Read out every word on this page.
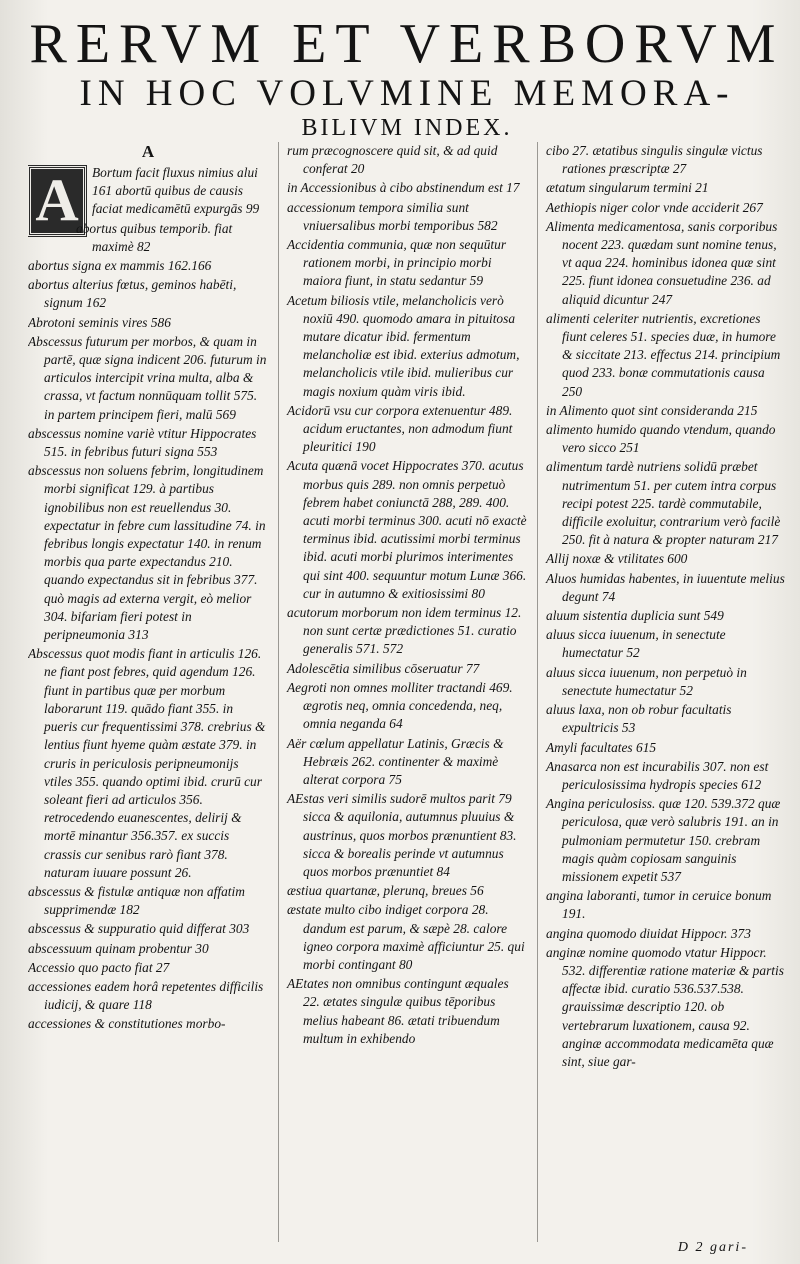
RERVM ET VERBORVM
IN HOC VOLVMINE MEMORA-
BILIVM INDEX.

A

A Bortum facit fluxus nimius alui 161 abortū quibus de causis faciat medicamētū expurgās 99

abortus quibus temporib. fiat maximè 82

abortus signa ex mammis 162.166

abortus alterius fœtus, geminos habēti, signum 162

Abrotoni seminis vires 586

Abscessus futurum per morbos, & quam in partē, quæ signa indicent 206. futurum in articulos intercipit vrina multa, alba & crassa, vt factum nonnūquam tollit 575. in partem principem fieri, malū 569

abscessus nomine variè vtitur Hippocrates 515. in febribus futuri signa 553

abscessus non soluens febrim, longitudinem morbi significat 129. à partibus ignobilibus non est reuellendus 30. expectatur in febre cum lassitudine 74. in febribus longis expectatur 140. in renum morbis qua parte expectandus 210. quando expectandus sit in febribus 377. quò magis ad externa vergit, eò melior 304. bifariam fieri potest in peripneumonia 313

Abscessus quot modis fiant in articulis 126. ne fiant post febres, quid agendum 126. fiunt in partibus quæ per morbum laborarunt 119. quādo fiant 355. in pueris cur frequentissimi 378. crebrius & lentius fiunt hyeme quàm æstate 379. in cruris in periculosis peripneumonijs vtiles 355. quando optimi ibid. crurū cur soleant fieri ad articulos 356. retrocedendo euanescentes, delirij & mortē minantur 356.357. ex succis crassis cur senibus rarò fiant 378. naturam iuuare possunt 26.

abscessus & fistulæ antiquæ non affatim supprimendæ 182

abscessus & suppuratio quid differat 303

abscessuum quinam probentur 30

Accessio quo pacto fiat 27

accessiones eadem horâ repetentes difficilis iudicij, & quare 118

accessiones & constitutiones morbo-

rum præcognoscere quid sit, & ad quid conferat 20

in Accessionibus à cibo abstinendum est 17

accessionum tempora similia sunt vniuersalibus morbi temporibus 582

Accidentia communia, quæ non sequūtur rationem morbi, in principio morbi maiora fiunt, in statu sedantur 59

Acetum biliosis vtile, melancholicis verò noxiū 490. quomodo amara in pituitosa mutare dicatur ibid. fermentum melancholiæ est ibid. exterius admotum, melancholicis vtile ibid. mulieribus cur magis noxium quàm viris ibid.

Acidorū vsu cur corpora extenuentur 489. acidum eructantes, non admodum fiunt pleuritici 190

Acuta quænā vocet Hippocrates 370. acutus morbus quis 289. non omnis perpetuò febrem habet coniunctā 288, 289. 400. acuti morbi terminus 300. acuti nō exactè terminus ibid. acutissimi morbi terminus ibid. acuti morbi plurimos interimentes qui sint 400. sequuntur motum Lunæ 366. cur in autumno & exitiosissimi 80

acutorum morborum non idem terminus 12. non sunt certæ prædictiones 51. curatio generalis 571. 572

Adolescētia similibus cōseruatur 77

Aegroti non omnes molliter tractandi 469. ægrotis neq, omnia concedenda, neq, omnia neganda 64

Aër cœlum appellatur Latinis, Græcis & Hebræis 262. continenter & maximè alterat corpora 75

AEstas veri similis sudorē multos parit 79 sicca & aquilonia, autumnus pluuius & austrinus, quos morbos prænuntient 83. sicca & borealis perinde vt autumnus quos morbos prænuntiet 84

æstiua quartanæ, plerunq, breues 56

æstate multo cibo indiget corpora 28. dandum est parum, & sæpè 28. calore igneo corpora maximè afficiuntur 25. qui morbi contingant 80

AEtates non omnibus contingunt æquales 22. ætates singulæ quibus tēporibus melius habeant 86. ætati tribuendum multum in exhibendo

cibo 27. ætatibus singulis singulæ victus rationes præscriptæ 27

ætatum singularum termini 21

Aethiopis niger color vnde acciderit 267

Alimenta medicamentosa, sanis corporibus nocent 223. quædam sunt nomine tenus, vt aqua 224. hominibus idonea quæ sint 225. fiunt idonea consuetudine 236. ad aliquid dicuntur 247

alimenti celeriter nutrientis, excretiones fiunt celeres 51. species duæ, in humore & siccitate 213. effectus 214. principium quod 233. bonæ commutationis causa 250

in Alimento quot sint consideranda 215

alimento humido quando vtendum, quando vero sicco 251

alimentum tardè nutriens solidū præbet nutrimentum 51. per cutem intra corpus recipi potest 225. tardè commutabile, difficile exoluitur, contrarium verò facilè 250. fit à natura & propter naturam 217

Allij noxæ & vtilitates 600

Aluos humidas habentes, in iuuentute melius degunt 74

aluum sistentia duplicia sunt 549

aluus sicca iuuenum, in senectute humectatur 52

aluus sicca iuuenum, non perpetuò in senectute humectatur 52

aluus laxa, non ob robur facultatis expultricis 53

Amyli facultates 615

Anasarca non est incurabilis 307. non est periculosissima hydropis species 612

Angina periculosiss. quæ 120. 539.372 quæ periculosa, quæ verò salubris 191. an in pulmoniam permutetur 150. crebram magis quàm copiosam sanguinis missionem expetit 537

angina laboranti, tumor in ceruice bonum 191.

angina quomodo diuidat Hippocr. 373

anginæ nomine quomodo vtatur Hippocr. 532. differentiæ ratione materiæ & partis affectæ ibid. curatio 536.537.538. grauissimæ descriptio 120. ob vertebrarum luxationem, causa 92. anginæ accommodata medicamēta quæ sint, siue gar-

D 2 gari-
